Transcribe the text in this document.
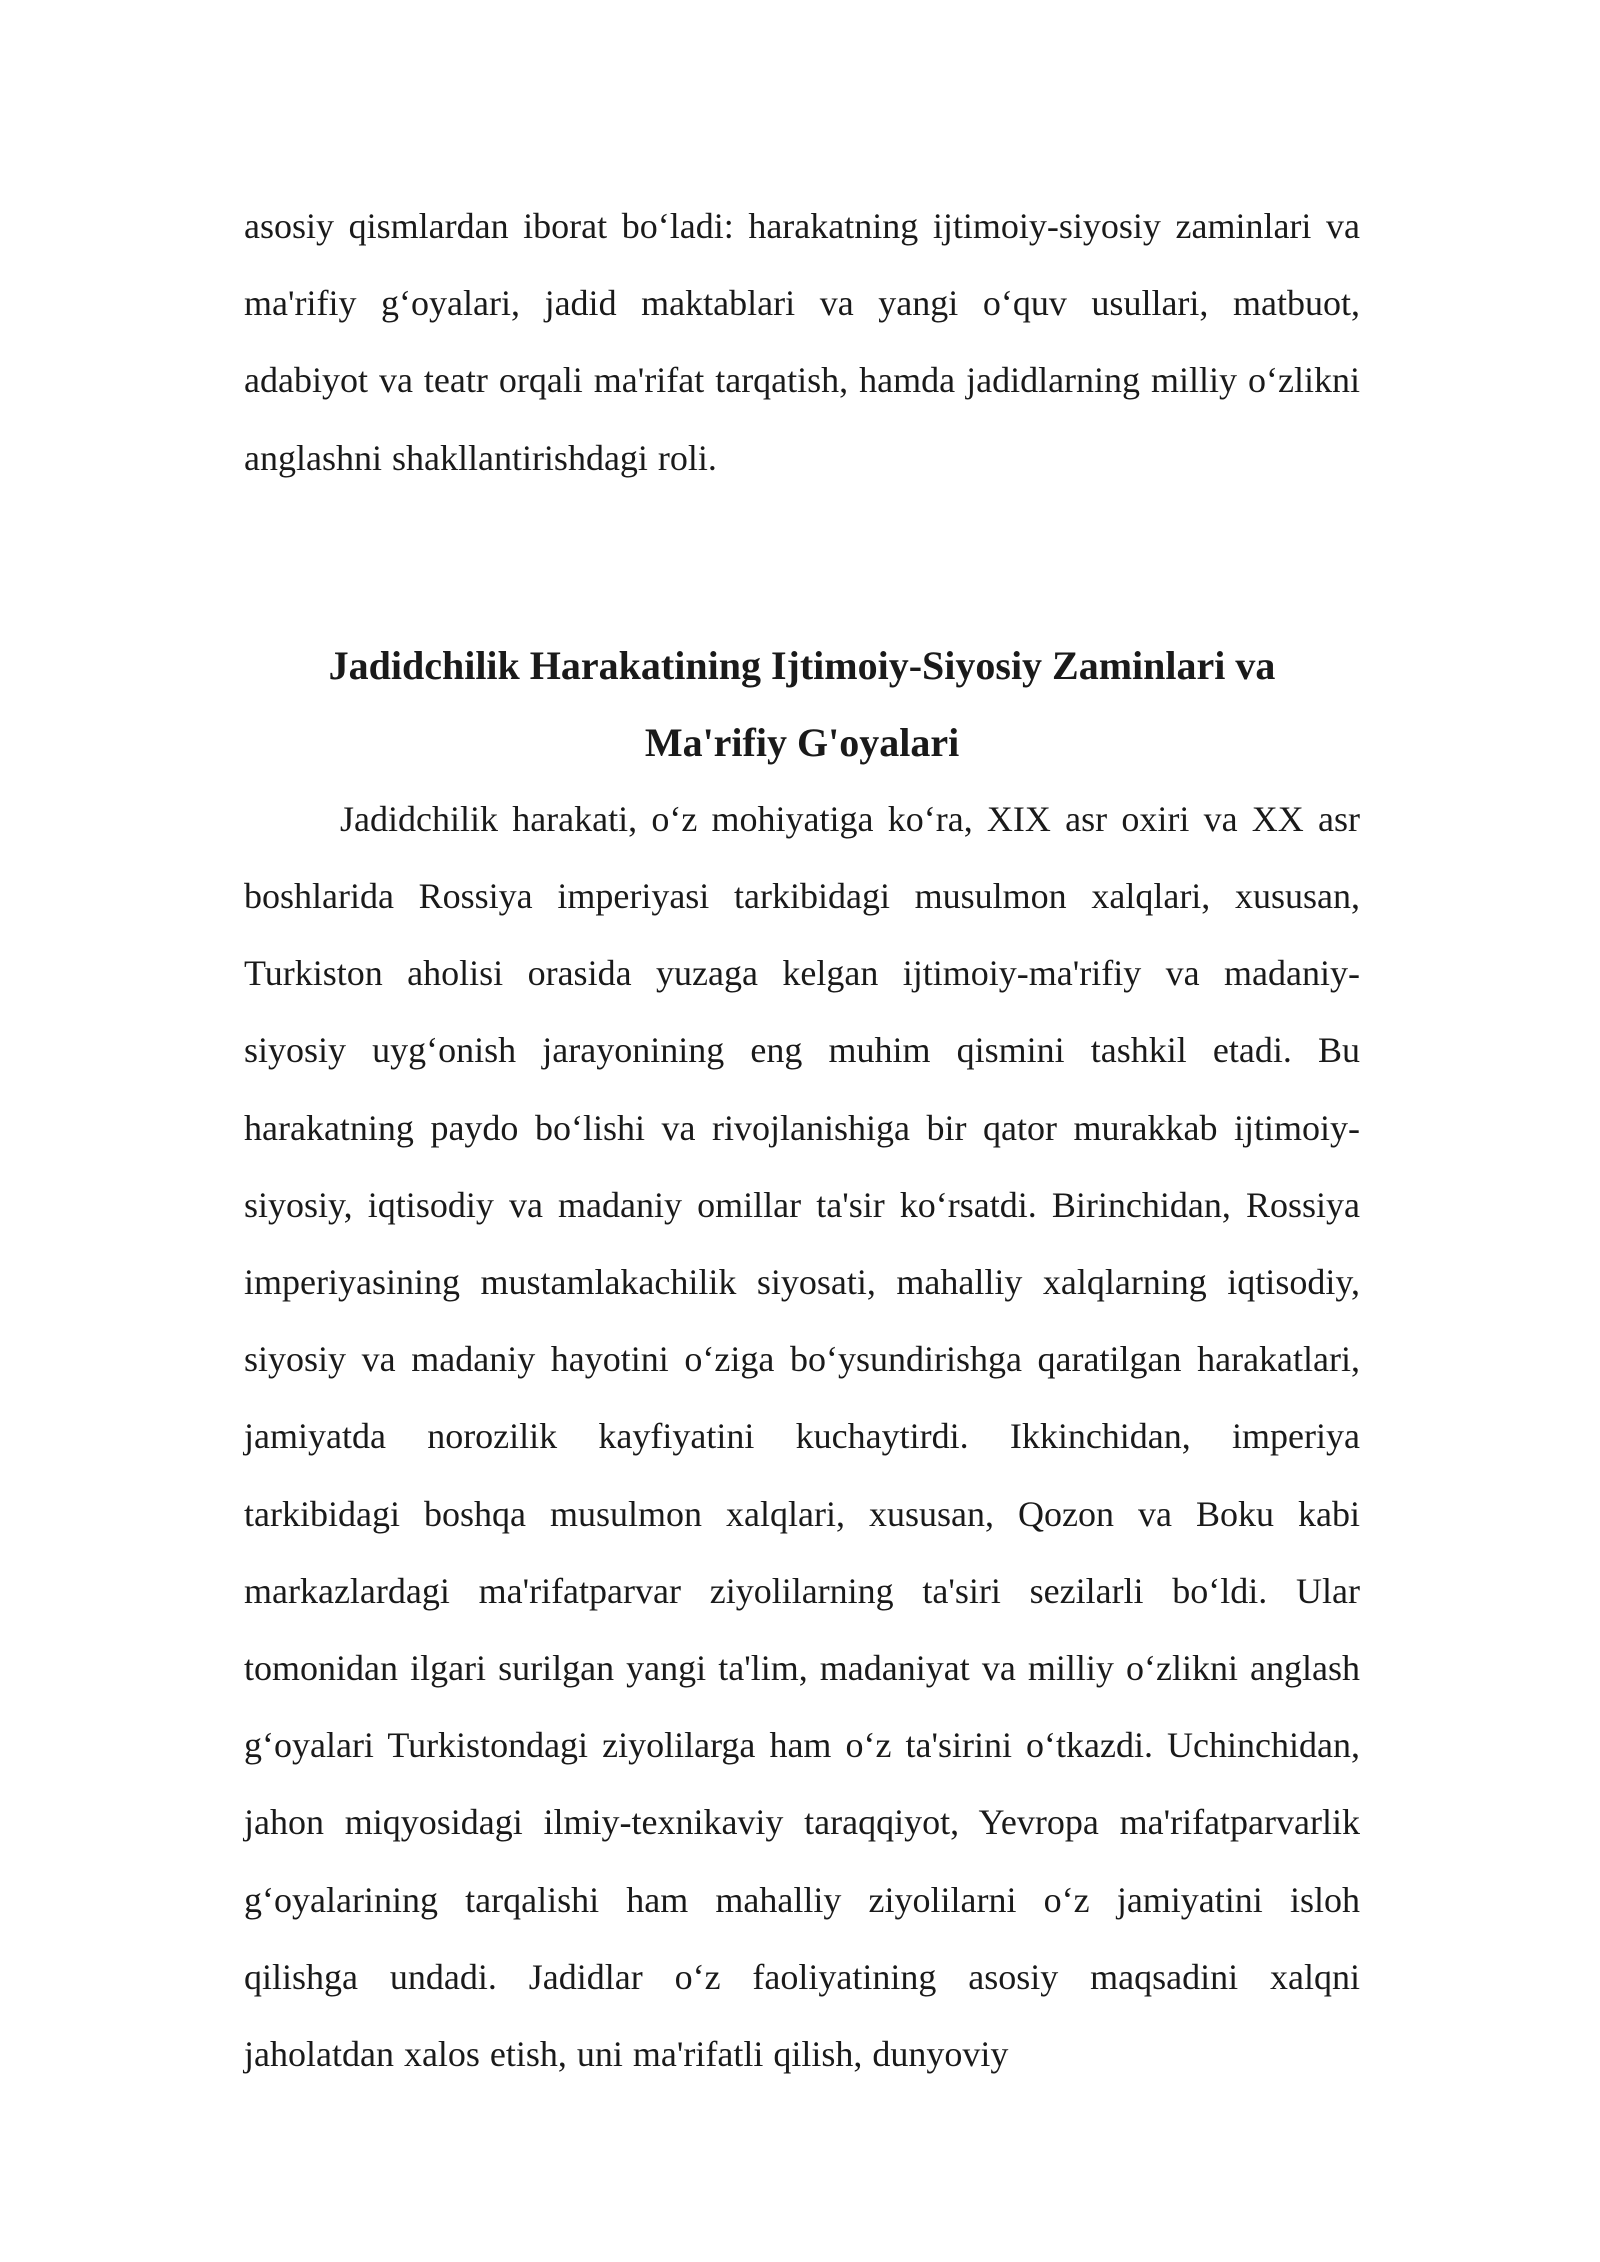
asosiy qismlardan iborat bo‘ladi: harakatning ijtimoiy-siyosiy zaminlari va ma'rifiy g‘oyalari, jadid maktablari va yangi o‘quv usullari, matbuot, adabiyot va teatr orqali ma'rifat tarqatish, hamda jadidlarning milliy o‘zlikni anglashni shakllantirishdagi roli.

Jadidchilik Harakatining Ijtimoiy-Siyosiy Zaminlari va Ma'rifiy G'oyalari

Jadidchilik harakati, o‘z mohiyatiga ko‘ra, XIX asr oxiri va XX asr boshlarida Rossiya imperiyasi tarkibidagi musulmon xalqlari, xususan, Turkiston aholisi orasida yuzaga kelgan ijtimoiy-ma'rifiy va madaniy-siyosiy uyg‘onish jarayonining eng muhim qismini tashkil etadi. Bu harakatning paydo bo‘lishi va rivojlanishiga bir qator murakkab ijtimoiy-siyosiy, iqtisodiy va madaniy omillar ta'sir ko‘rsatdi. Birinchidan, Rossiya imperiyasining mustamlakachilik siyosati, mahalliy xalqlarning iqtisodiy, siyosiy va madaniy hayotini o‘ziga bo‘ysundirishga qaratilgan harakatlari, jamiyatda norozilik kayfiyatini kuchaytirdi. Ikkinchidan, imperiya tarkibidagi boshqa musulmon xalqlari, xususan, Qozon va Boku kabi markazlardagi ma'rifatparvar ziyolilarning ta'siri sezilarli bo‘ldi. Ular tomonidan ilgari surilgan yangi ta'lim, madaniyat va milliy o‘zlikni anglash g‘oyalari Turkistondagi ziyolilarga ham o‘z ta'sirini o‘tkazdi. Uchinchidan, jahon miqyosidagi ilmiy-texnikaviy taraqqiyot, Yevropa ma'rifatparvarlik g‘oyalarining tarqalishi ham mahalliy ziyolilarni o‘z jamiyatini isloh qilishga undadi. Jadidlar o‘z faoliyatining asosiy maqsadini xalqni jaholatdan xalos etish, uni ma'rifatli qilish, dunyoviy
